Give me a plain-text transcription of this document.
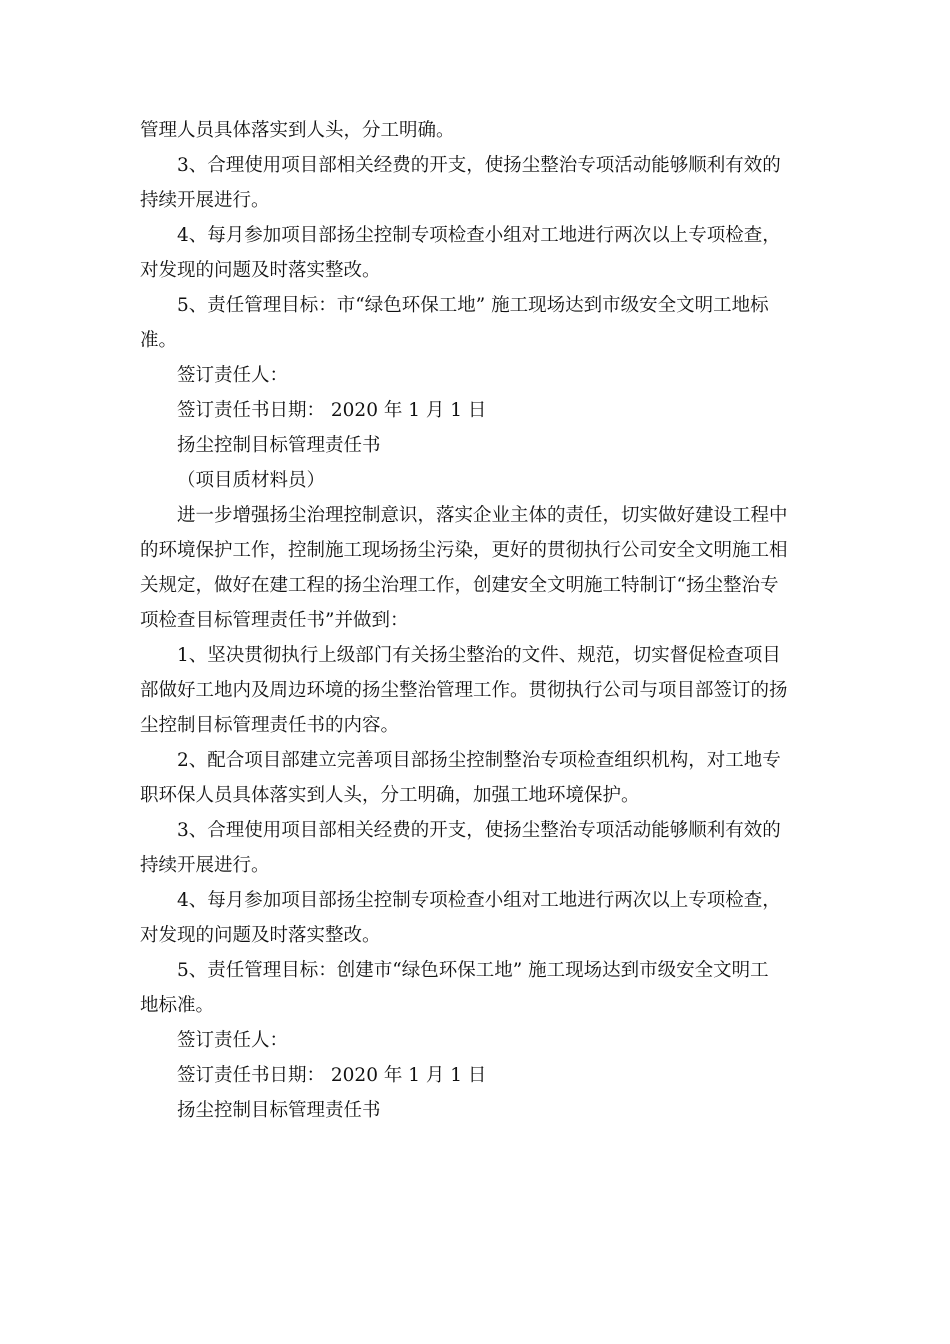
管理人员具体落实到人头，分工明确。
3、合理使用项目部相关经费的开支，使扬尘整治专项活动能够顺利有效的
持续开展进行。
4、每月参加项目部扬尘控制专项检查小组对工地进行两次以上专项检查，
对发现的问题及时落实整改。
5、责任管理目标：市“绿色环保工地” 施工现场达到市级安全文明工地标
准。
签订责任人：
签订责任书日期： 2020 年 1 月 1 日
扬尘控制目标管理责任书
（项目质材料员）
进一步增强扬尘治理控制意识，落实企业主体的责任，切实做好建设工程中
的环境保护工作，控制施工现场扬尘污染，更好的贯彻执行公司安全文明施工相
关规定，做好在建工程的扬尘治理工作，创建安全文明施工特制订“扬尘整治专
项检查目标管理责任书”并做到：
1、坚决贯彻执行上级部门有关扬尘整治的文件、规范，切实督促检查项目
部做好工地内及周边环境的扬尘整治管理工作。贯彻执行公司与项目部签订的扬
尘控制目标管理责任书的内容。
2、配合项目部建立完善项目部扬尘控制整治专项检查组织机构，对工地专
职环保人员具体落实到人头，分工明确，加强工地环境保护。
3、合理使用项目部相关经费的开支，使扬尘整治专项活动能够顺利有效的
持续开展进行。
4、每月参加项目部扬尘控制专项检查小组对工地进行两次以上专项检查，
对发现的问题及时落实整改。
5、责任管理目标：创建市“绿色环保工地” 施工现场达到市级安全文明工
地标准。
签订责任人：
签订责任书日期： 2020 年 1 月 1 日
扬尘控制目标管理责任书
